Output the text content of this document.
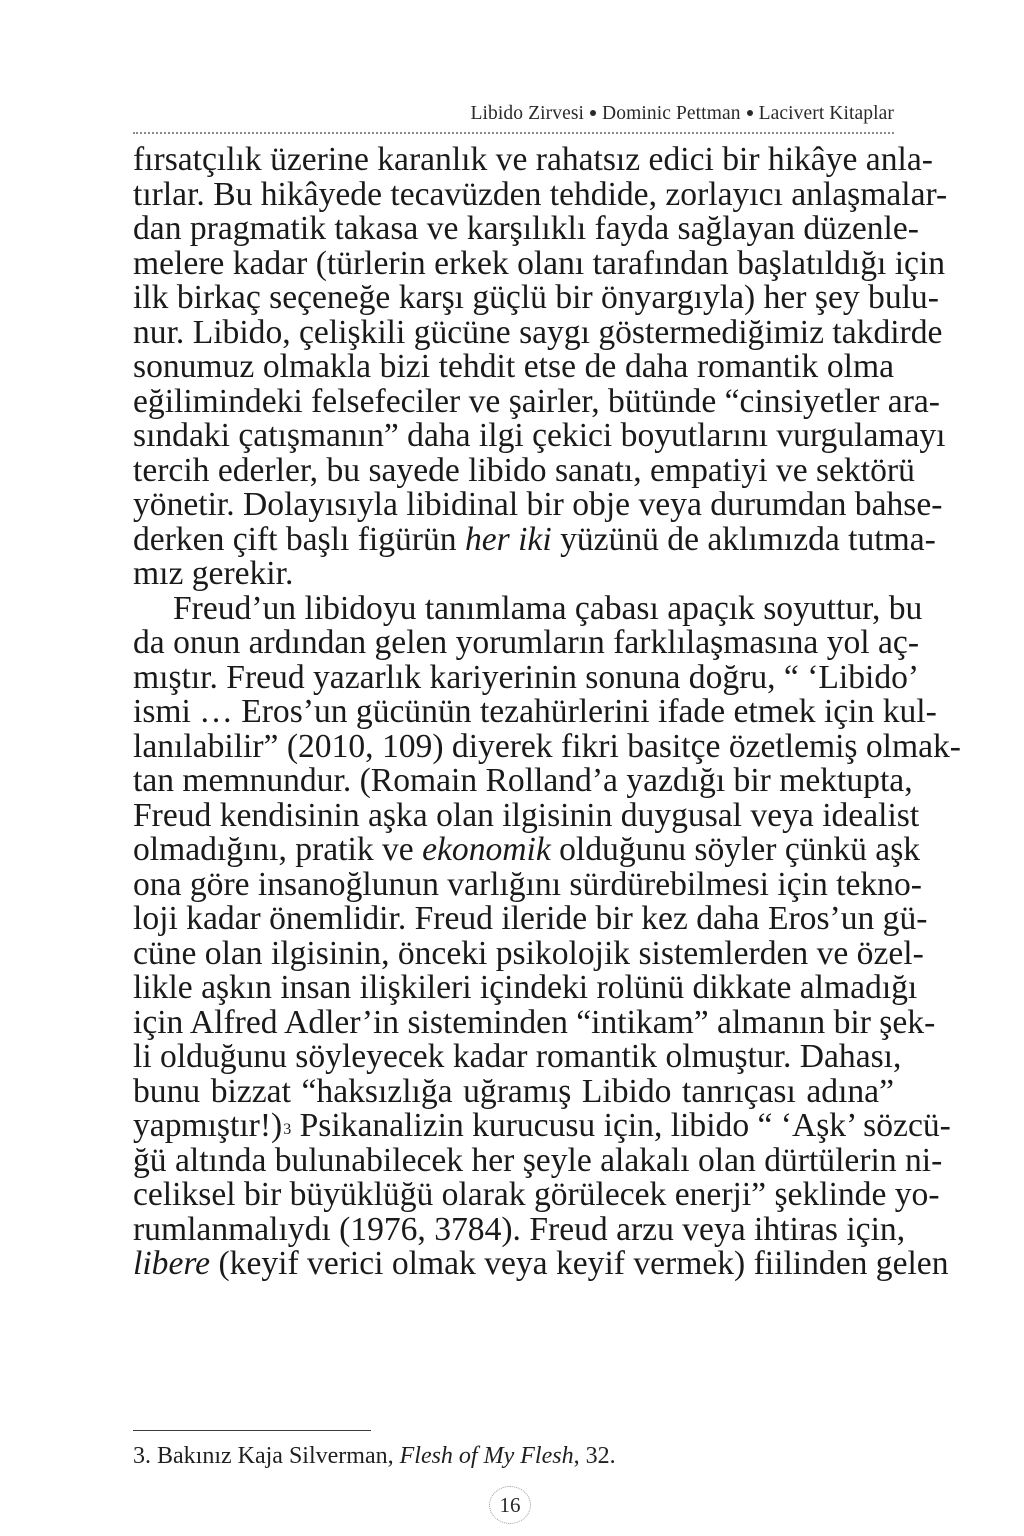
Libido Zirvesi Dominic Pettman Lacivert Kitaplar
fırsatçılık üzerine karanlık ve rahatsız edici bir hikâye anla-
tırlar. Bu hikâyede tecavüzden tehdide, zorlayıcı anlaşmalar-
dan pragmatik takasa ve karşılıklı fayda sağlayan düzenle-
melere kadar (türlerin erkek olanı tarafından başlatıldığı için
ilk birkaç seçeneğe karşı güçlü bir önyargıyla) her şey bulu-
nur. Libido, çelişkili gücüne saygı göstermediğimiz takdirde
sonumuz olmakla bizi tehdit etse de daha romantik olma
eğilimindeki felsefeciler ve şairler, bütünde “cinsiyetler ara-
sındaki çatışmanın” daha ilgi çekici boyutlarını vurgulamayı
tercih ederler, bu sayede libido sanatı, empatiyi ve sektörü
yönetir. Dolayısıyla libidinal bir obje veya durumdan bahse-
derken çift başlı figürün her iki yüzünü de aklımızda tutma-
mız gerekir.
Freud’un libidoyu tanımlama çabası apaçık soyuttur, bu
da onun ardından gelen yorumların farklılaşmasına yol aç-
mıştır. Freud yazarlık kariyerinin sonuna doğru, “ ‘Libido’
ismi … Eros’un gücünün tezahürlerini ifade etmek için kul-
lanılabilir” (2010, 109) diyerek fikri basitçe özetlemiş olmak-
tan memnundur. (Romain Rolland’a yazdığı bir mektupta,
Freud kendisinin aşka olan ilgisinin duygusal veya idealist
olmadığını, pratik ve ekonomik olduğunu söyler çünkü aşk
ona göre insanoğlunun varlığını sürdürebilmesi için tekno-
loji kadar önemlidir. Freud ileride bir kez daha Eros’un gü-
cüne olan ilgisinin, önceki psikolojik sistemlerden ve özel-
likle aşkın insan ilişkileri içindeki rolünü dikkate almadığı
için Alfred Adler’in sisteminden “intikam” almanın bir şek-
li olduğunu söyleyecek kadar romantik olmuştur. Dahası,
bunu bizzat “haksızlığa uğramış Libido tanrıçası adına”
yapmıştır!)$^3$ Psikanalizin kurucusu için, libido “ ‘Aşk’ sözcü-
ğü altında bulunabilecek her şeyle alakalı olan dürtülerin ni-
celiksel bir büyüklüğü olarak görülecek enerji” şeklinde yo-
rumlanmalıydı (1976, 3784). Freud arzu veya ihtiras için,
libere (keyif verici olmak veya keyif vermek) fiilinden gelen
3. Bakınız Kaja Silverman, Flesh of My Flesh, 32.
16
